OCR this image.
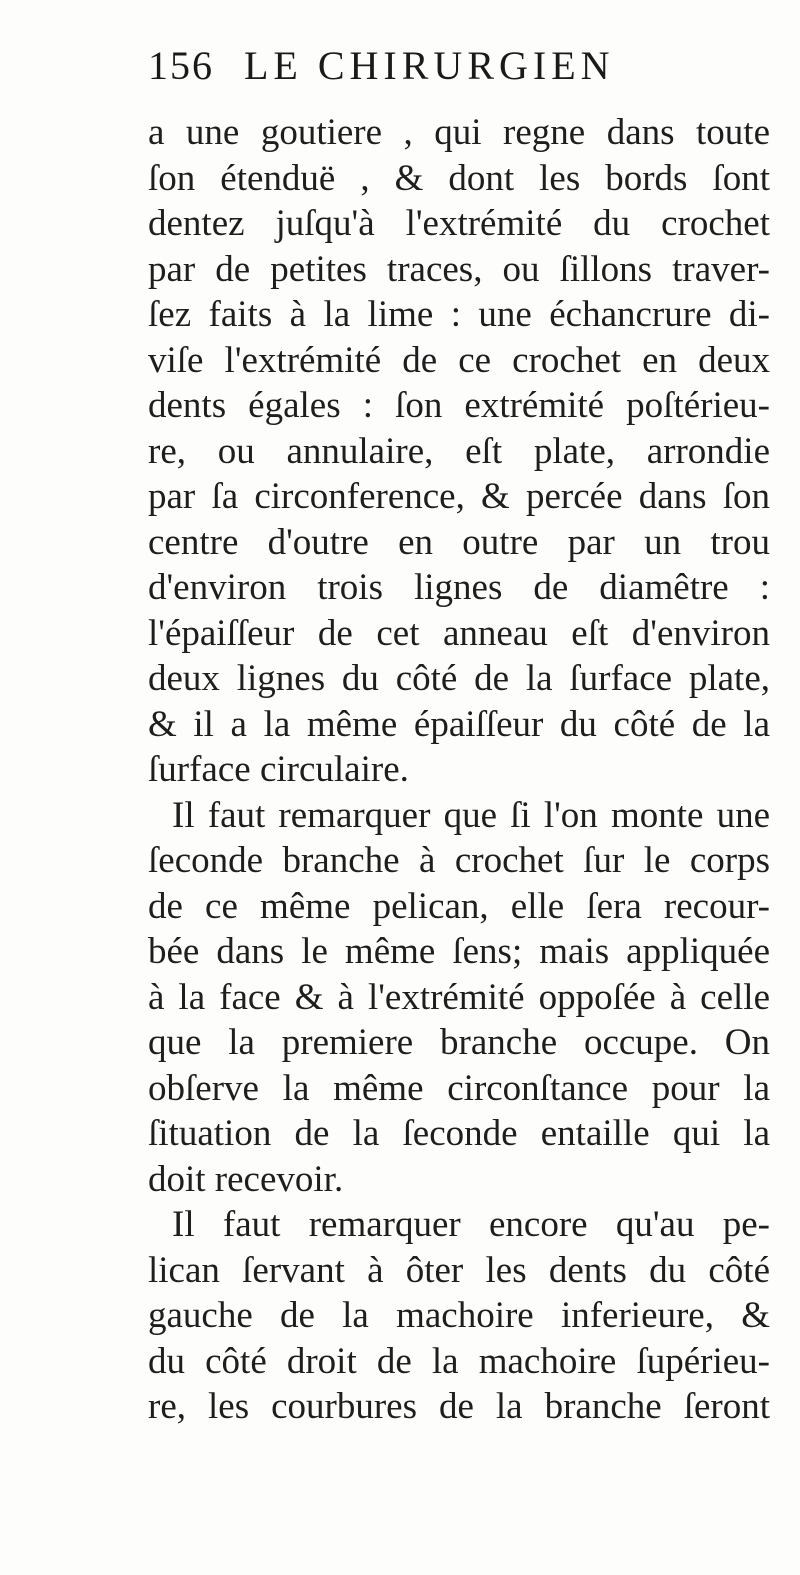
156 LE CHIRURGIEN
a une goutiere , qui regne dans toute
ſon étenduë , & dont les bords ſont
dentez juſqu'à l'extrémité du crochet
par de petites traces, ou ſillons traver-
ſez faits à la lime : une échancrure di-
viſe l'extrémité de ce crochet en deux
dents égales : ſon extrémité poſtérieu-
re, ou annulaire, eſt plate, arrondie
par ſa circonference, & percée dans ſon
centre d'outre en outre par un trou
d'environ trois lignes de diamêtre :
l'épaiſſeur de cet anneau eſt d'environ
deux lignes du côté de la ſurface plate,
& il a la même épaiſſeur du côté de la
ſurface circulaire.
Il faut remarquer que ſi l'on monte une
ſeconde branche à crochet ſur le corps
de ce même pelican, elle ſera recour-
bée dans le même ſens; mais appliquée
à la face & à l'extrémité oppoſée à celle
que la premiere branche occupe. On
obſerve la même circonſtance pour la
ſituation de la ſeconde entaille qui la
doit recevoir.
Il faut remarquer encore qu'au pe-
lican ſervant à ôter les dents du côté
gauche de la machoire inferieure, &
du côté droit de la machoire ſupérieu-
re, les courbures de la branche ſeront
